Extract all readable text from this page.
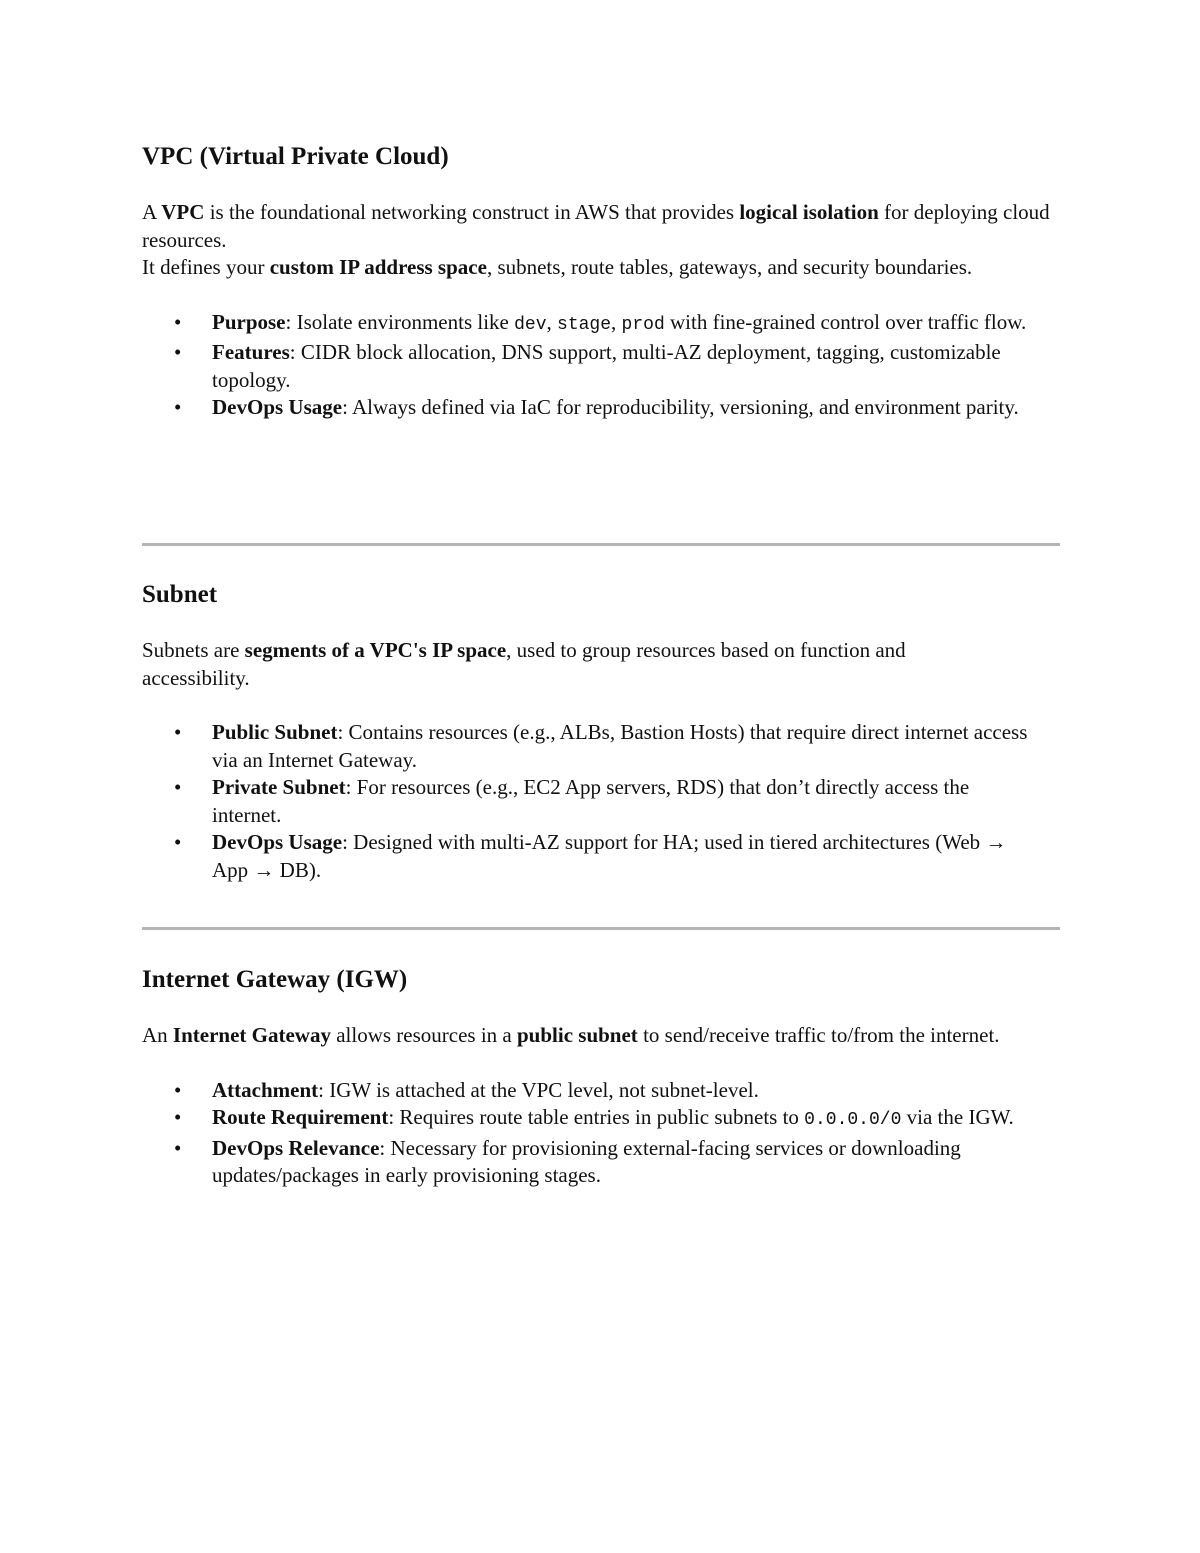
VPC (Virtual Private Cloud)

A VPC is the foundational networking construct in AWS that provides logical isolation for deploying cloud resources.

It defines your custom IP address space, subnets, route tables, gateways, and security boundaries.

• Purpose: Isolate environments like dev, stage, prod with fine-grained control over traffic flow.
• Features: CIDR block allocation, DNS support, multi-AZ deployment, tagging, customizable topology.
• DevOps Usage: Always defined via IaC for reproducibility, versioning, and environment parity.
Subnet

Subnets are segments of a VPC's IP space, used to group resources based on function and accessibility.

• Public Subnet: Contains resources (e.g., ALBs, Bastion Hosts) that require direct internet access via an Internet Gateway.
• Private Subnet: For resources (e.g., EC2 App servers, RDS) that don’t directly access the internet.
• DevOps Usage: Designed with multi-AZ support for HA; used in tiered architectures (Web → App → DB).
Internet Gateway (IGW)

An Internet Gateway allows resources in a public subnet to send/receive traffic to/from the internet.

• Attachment: IGW is attached at the VPC level, not subnet-level.
• Route Requirement: Requires route table entries in public subnets to 0.0.0.0/0 via the IGW.
• DevOps Relevance: Necessary for provisioning external-facing services or downloading updates/packages in early provisioning stages.
